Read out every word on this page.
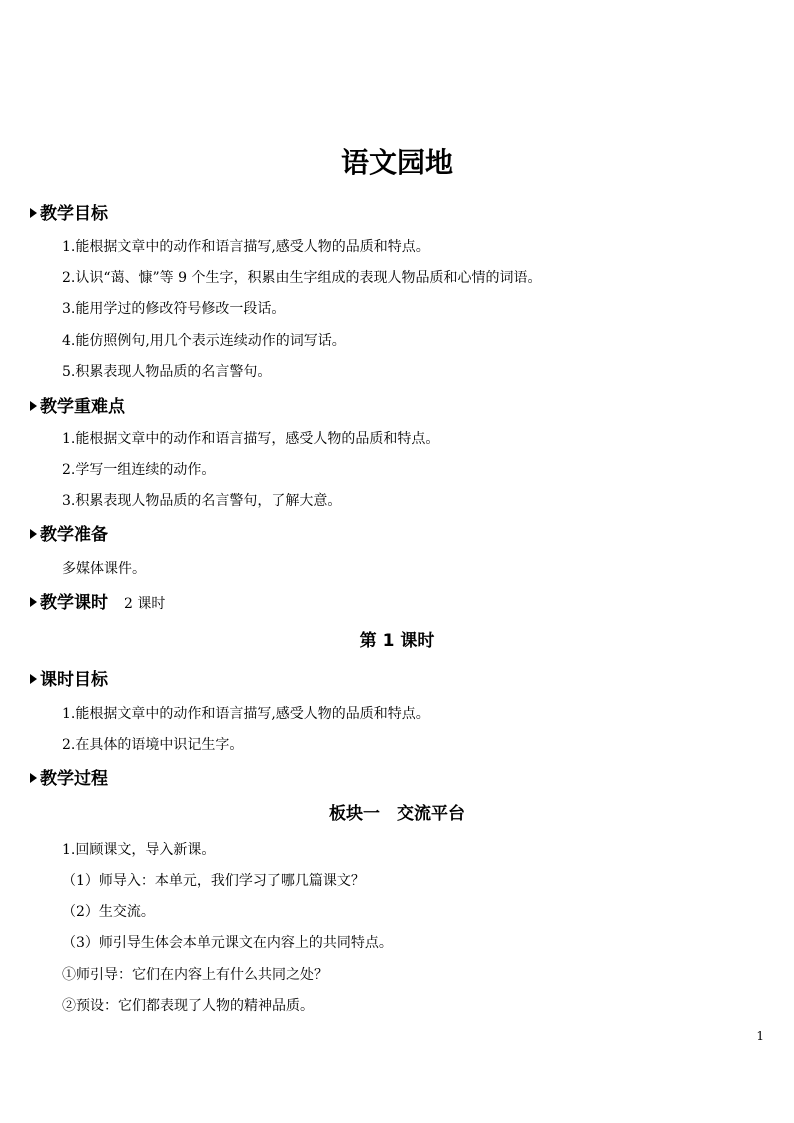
语文园地
教学目标
1.能根据文章中的动作和语言描写,感受人物的品质和特点。
2.认识“蔼、慷”等 9 个生字，积累由生字组成的表现人物品质和心情的词语。
3.能用学过的修改符号修改一段话。
4.能仿照例句,用几个表示连续动作的词写话。
5.积累表现人物品质的名言警句。
教学重难点
1.能根据文章中的动作和语言描写，感受人物的品质和特点。
2.学写一组连续的动作。
3.积累表现人物品质的名言警句，了解大意。
教学准备
多媒体课件。
教学课时 2 课时
第 1 课时
课时目标
1.能根据文章中的动作和语言描写,感受人物的品质和特点。
2.在具体的语境中识记生字。
教学过程
板块一　交流平台
1.回顾课文，导入新课。
（1）师导入：本单元，我们学习了哪几篇课文？
（2）生交流。
（3）师引导生体会本单元课文在内容上的共同特点。
①师引导：它们在内容上有什么共同之处？
②预设：它们都表现了人物的精神品质。
1
